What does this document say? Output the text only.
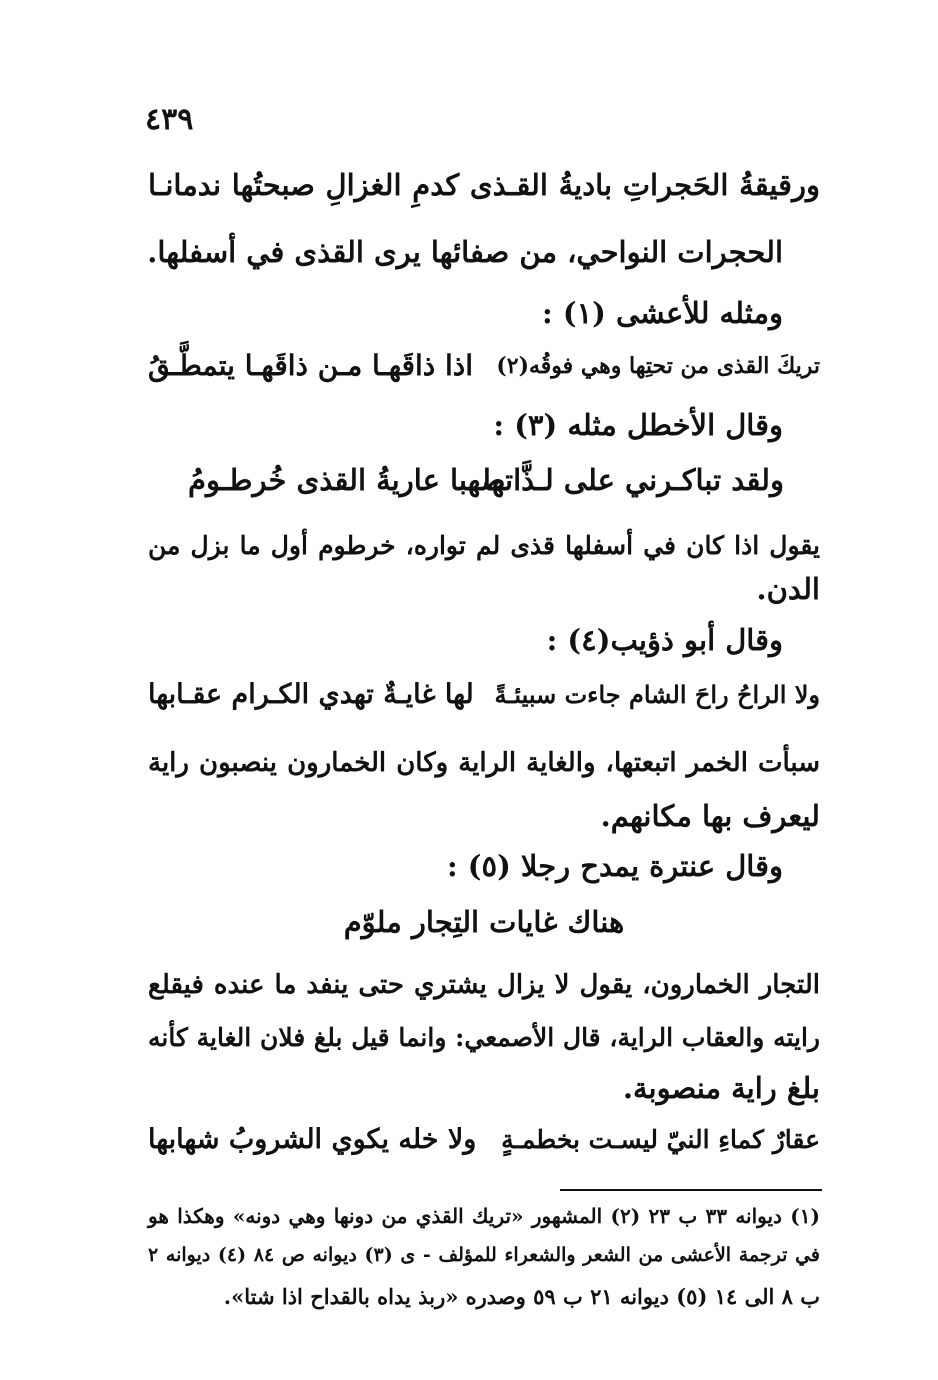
٤٣٩
ورقيقةُ الحَجراتِ باديةُ القـذى كدمِ الغزالِ صبحتُها ندمانـا
الحجرات النواحي، من صفائها يرى القذى في أسفلها.
ومثله للأعشى (١) :
تريكَ القذى من تحتِها وهي فوقُه(٢)
اذا ذاقَهـا مـن ذاقَهـا يتمطَّـقُ
وقال الأخطل مثله (٣) :
ولقد تباكـرني على لـذَّاتها
صهبا عاريةُ القذى خُرطـومُ
يقول اذا كان في أسفلها قذى لم تواره، خرطوم أول ما بزل من
الدن.
وقال أبو ذؤيب(٤) :
ولا الراحُ راحَ الشام جاءت سبيئـةً
لها غايـةٌ تهدي الكـرام عقـابها
سبأت الخمر اتبعتها، والغاية الراية وكان الخمارون ينصبون راية
ليعرف بها مكانهم.
وقال عنترة يمدح رجلا (٥) :
هناك غايات التِجار ملوّم
التجار الخمارون، يقول لا يزال يشتري حتى ينفد ما عنده فيقلع
رايته والعقاب الراية، قال الأصمعي: وانما قيل بلغ فلان الغاية كأنه
بلغ راية منصوبة.
عقارٌ كماءِ النيّ ليسـت بخطمـةٍ
ولا خله يكوي الشروبُ شهابها
(١) ديوانه ٣٣ ب ٢٣ (٢) المشهور «تريك القذي من دونها وهي دونه» وهكذا هو
في ترجمة الأعشى من الشعر والشعراء للمؤلف - ى (٣) ديوانه ص ٨٤ (٤) ديوانه ٢
ب ٨ الى ١٤ (٥) ديوانه ٢١ ب ٥٩ وصدره «ربذ يداه بالقداح اذا شتا».
